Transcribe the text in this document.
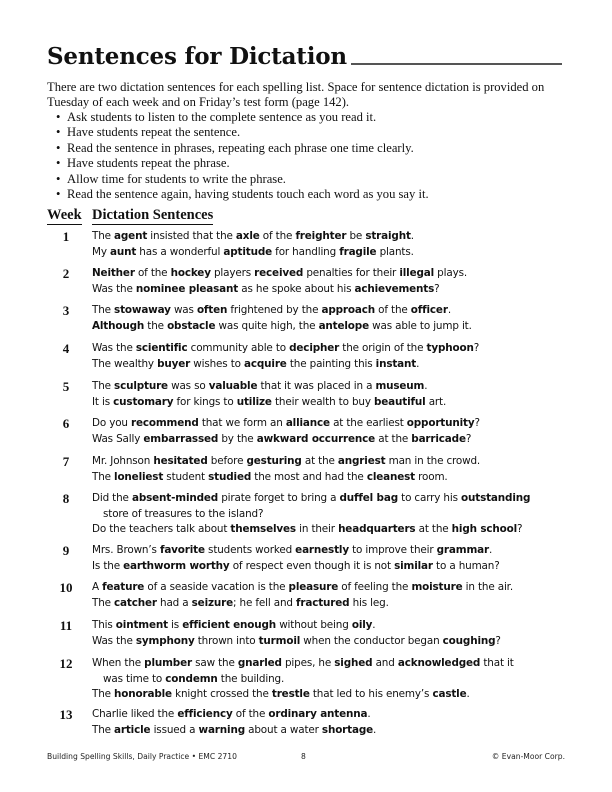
Sentences for Dictation
There are two dictation sentences for each spelling list. Space for sentence dictation is provided on Tuesday of each week and on Friday’s test form (page 142).
• Ask students to listen to the complete sentence as you read it.
• Have students repeat the sentence.
• Read the sentence in phrases, repeating each phrase one time clearly.
• Have students repeat the phrase.
• Allow time for students to write the phrase.
• Read the sentence again, having students touch each word as you say it.
Week Dictation Sentences
1	The agent insisted that the axle of the freighter be straight.
My aunt has a wonderful aptitude for handling fragile plants.
2	Neither of the hockey players received penalties for their illegal plays.
Was the nominee pleasant as he spoke about his achievements?
3	The stowaway was often frightened by the approach of the officer.
Although the obstacle was quite high, the antelope was able to jump it.
4	Was the scientific community able to decipher the origin of the typhoon?
The wealthy buyer wishes to acquire the painting this instant.
5	The sculpture was so valuable that it was placed in a museum.
It is customary for kings to utilize their wealth to buy beautiful art.
6	Do you recommend that we form an alliance at the earliest opportunity?
Was Sally embarrassed by the awkward occurrence at the barricade?
7	Mr. Johnson hesitated before gesturing at the angriest man in the crowd.
The loneliest student studied the most and had the cleanest room.
8	Did the absent-minded pirate forget to bring a duffel bag to carry his outstanding
store of treasures to the island?
Do the teachers talk about themselves in their headquarters at the high school?
9	Mrs. Brown’s favorite students worked earnestly to improve their grammar.
Is the earthworm worthy of respect even though it is not similar to a human?
10 A feature of a seaside vacation is the pleasure of feeling the moisture in the air.
The catcher had a seizure; he fell and fractured his leg.
11 This ointment is efficient enough without being oily.
Was the symphony thrown into turmoil when the conductor began coughing?
12 When the plumber saw the gnarled pipes, he sighed and acknowledged that it
was time to condemn the building.
The honorable knight crossed the trestle that led to his enemy’s castle.
13 Charlie liked the efficiency of the ordinary antenna.
The article issued a warning about a water shortage.
Building Spelling Skills, Daily Practice • EMC 2710	8	© Evan-Moor Corp.
